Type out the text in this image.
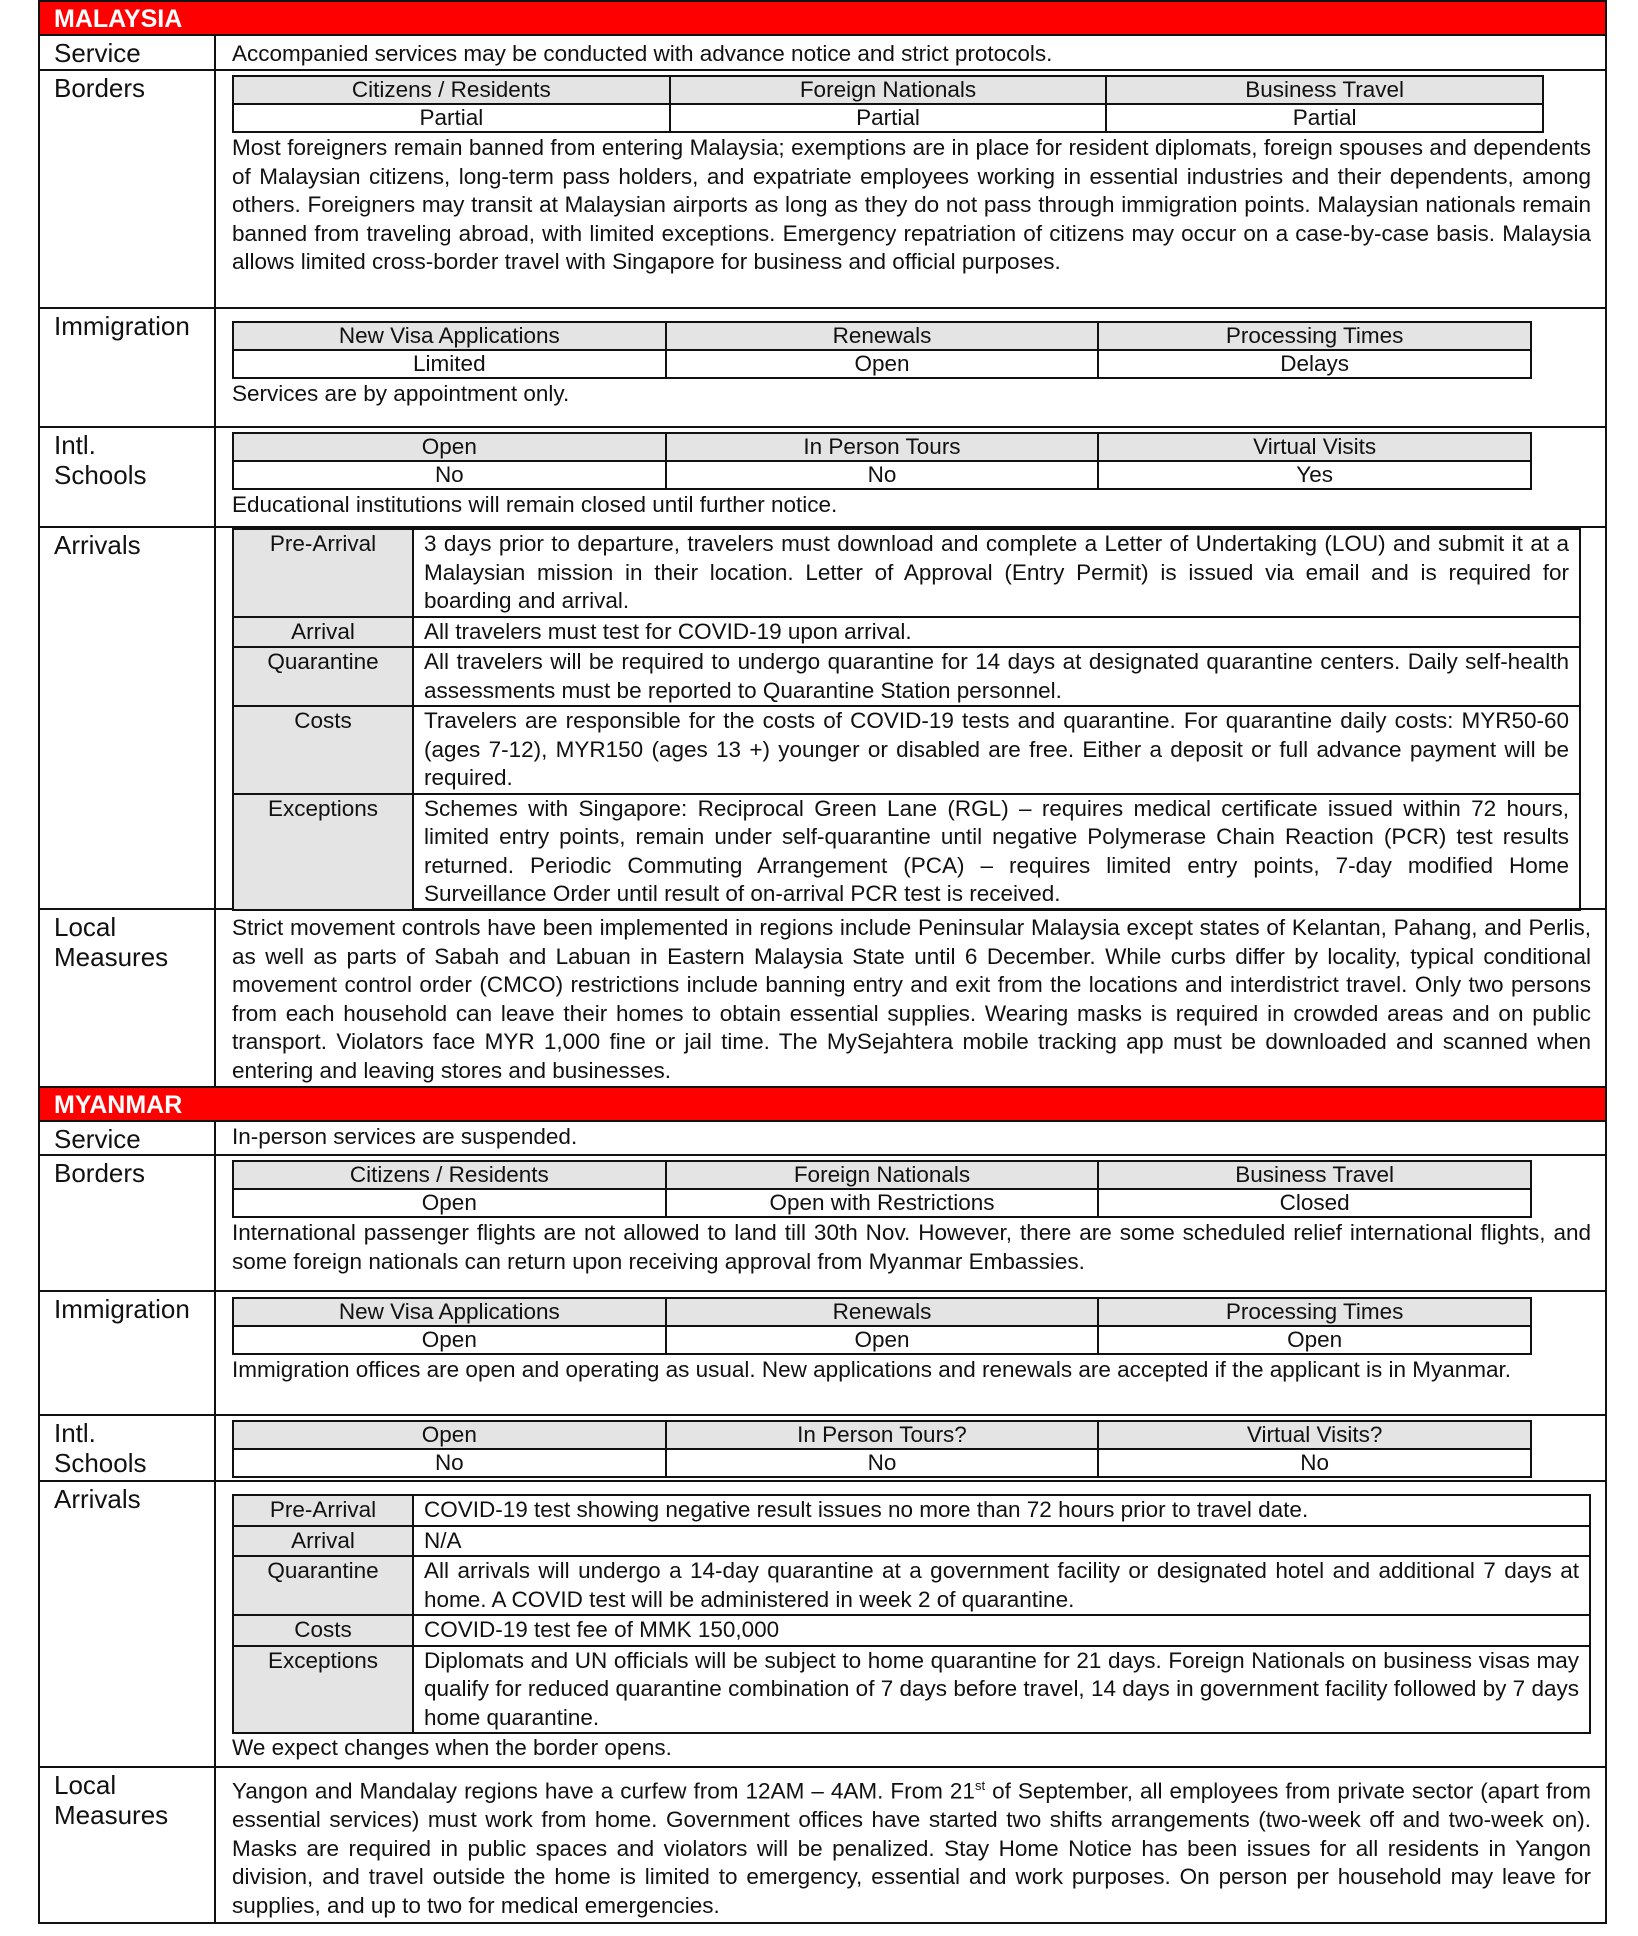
MALAYSIA
Service	Accompanied services may be conducted with advance notice and strict protocols.
Borders	Citizens / Residents	Foreign Nationals	Business Travel
Partial	Partial	Partial

Most foreigners remain banned from entering Malaysia; exemptions are in place for resident diplomats, foreign spouses and dependents of Malaysian citizens, long-term pass holders, and expatriate employees working in essential industries and their dependents, among others. Foreigners may transit at Malaysian airports as long as they do not pass through immigration points. Malaysian nationals remain banned from traveling abroad, with limited exceptions. Emergency repatriation of citizens may occur on a case-by-case basis. Malaysia allows limited cross-border travel with Singapore for business and official purposes.

Immigration	New Visa Applications	Renewals	Processing Times
Limited	Open	Delays

Services are by appointment only.

Intl.
Schools
Open	In Person Tours	Virtual Visits
No	No	Yes

Educational institutions will remain closed until further notice.

Arrivals	Pre-Arrival	3 days prior to departure, travelers must download and complete a Letter of Undertaking (LOU) and submit it at a Malaysian mission in their location. Letter of Approval (Entry Permit) is issued via email and is required for boarding and arrival.
Arrival	All travelers must test for COVID-19 upon arrival.
Quarantine	All travelers will be required to undergo quarantine for 14 days at designated quarantine centers. Daily self-health assessments must be reported to Quarantine Station personnel.
Costs	Travelers are responsible for the costs of COVID-19 tests and quarantine. For quarantine daily costs: MYR50-60 (ages 7-12), MYR150 (ages 13 +) younger or disabled are free. Either a deposit or full advance payment will be required.
Exceptions	Schemes with Singapore: Reciprocal Green Lane (RGL) – requires medical certificate issued within 72 hours, limited entry points, remain under self-quarantine until negative Polymerase Chain Reaction (PCR) test results returned. Periodic Commuting Arrangement (PCA) – requires limited entry points, 7-day modified Home Surveillance Order until result of on-arrival PCR test is received.
Local
Measures
Strict movement controls have been implemented in regions include Peninsular Malaysia except states of Kelantan, Pahang, and Perlis, as well as parts of Sabah and Labuan in Eastern Malaysia State until 6 December. While curbs differ by locality, typical conditional movement control order (CMCO) restrictions include banning entry and exit from the locations and interdistrict travel. Only two persons from each household can leave their homes to obtain essential supplies. Wearing masks is required in crowded areas and on public transport. Violators face MYR 1,000 fine or jail time. The MySejahtera mobile tracking app must be downloaded and scanned when entering and leaving stores and businesses.
MYANMAR
Service	In-person services are suspended.
Borders	Citizens / Residents	Foreign Nationals	Business Travel
Open	Open with Restrictions	Closed

International passenger flights are not allowed to land till 30th Nov. However, there are some scheduled relief international flights, and some foreign nationals can return upon receiving approval from Myanmar Embassies.

Immigration	New Visa Applications	Renewals	Processing Times
Open	Open	Open

Immigration offices are open and operating as usual. New applications and renewals are accepted if the applicant is in Myanmar.

Intl.
Schools
Open	In Person Tours?	Virtual Visits?
No	No	No
Arrivals	Pre-Arrival	COVID-19 test showing negative result issues no more than 72 hours prior to travel date.
Arrival	N/A
Quarantine	All arrivals will undergo a 14-day quarantine at a government facility or designated hotel and additional 7 days at home. A COVID test will be administered in week 2 of quarantine.
Costs	COVID-19 test fee of MMK 150,000
Exceptions	Diplomats and UN officials will be subject to home quarantine for 21 days. Foreign Nationals on business visas may qualify for reduced quarantine combination of 7 days before travel, 14 days in government facility followed by 7 days home quarantine.

We expect changes when the border opens.

Local
Measures
Yangon and Mandalay regions have a curfew from 12AM – 4AM. From 21st of September, all employees from private sector (apart from essential services) must work from home. Government offices have started two shifts arrangements (two-week off and two-week on). Masks are required in public spaces and violators will be penalized. Stay Home Notice has been issues for all residents in Yangon division, and travel outside the home is limited to emergency, essential and work purposes. On person per household may leave for supplies, and up to two for medical emergencies.
